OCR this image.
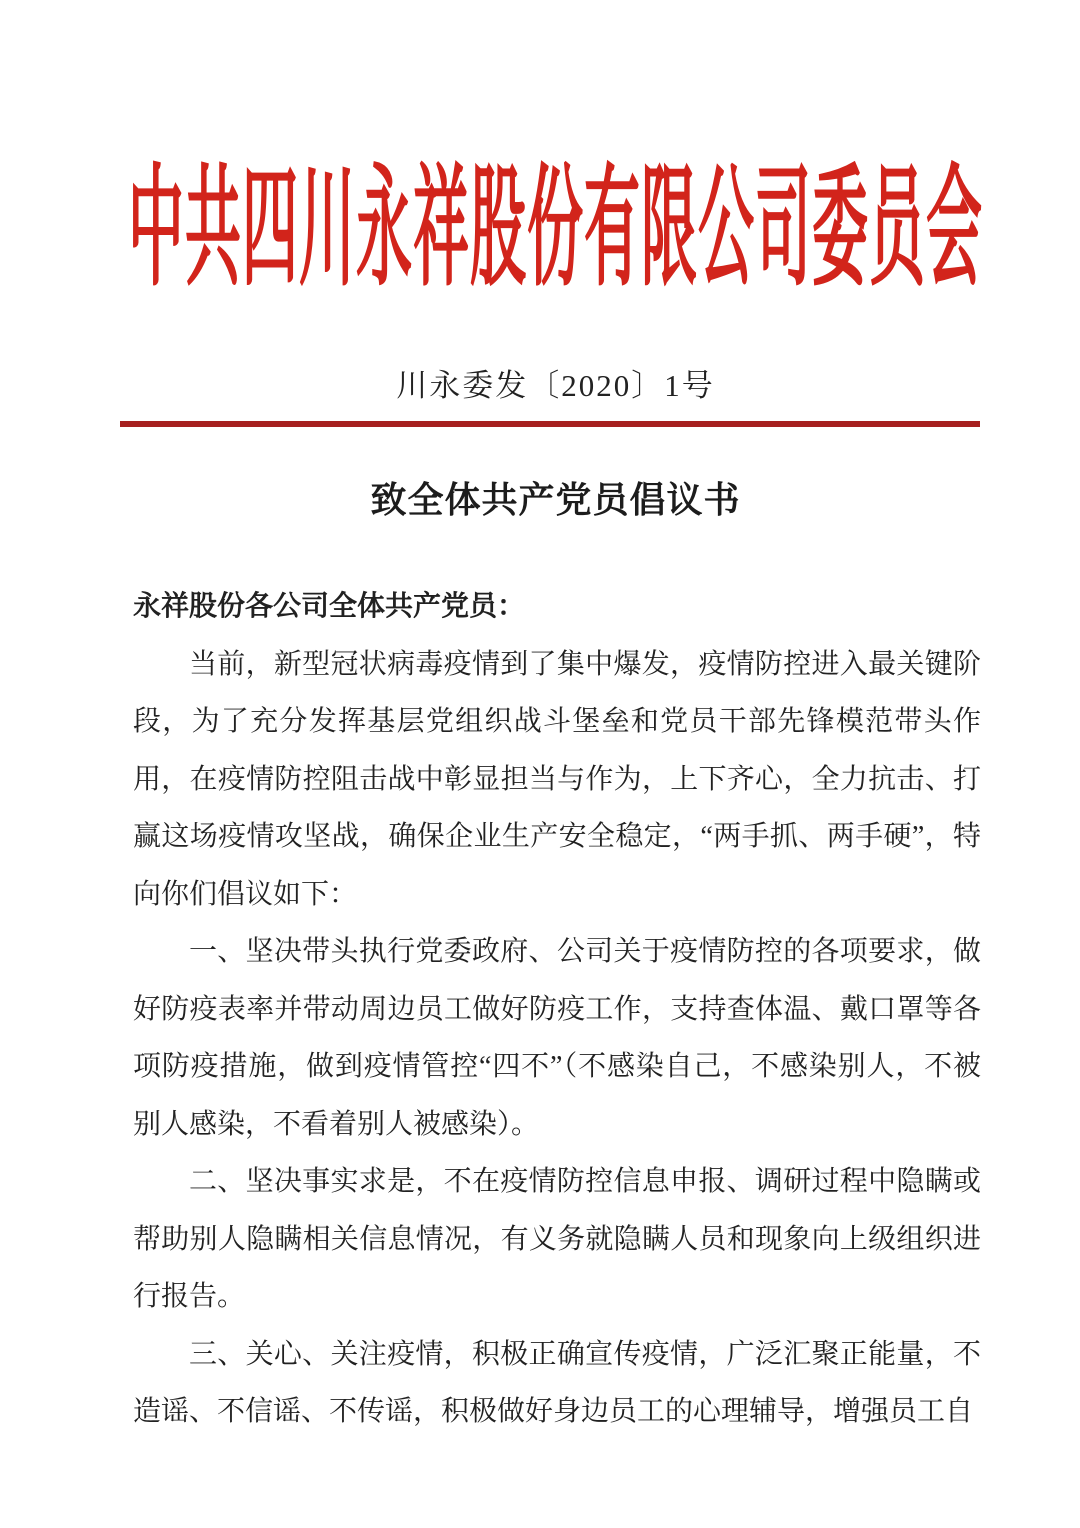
中共四川永祥股份有限公司委员会
川永委发〔2020〕1号
致全体共产党员倡议书

永祥股份各公司全体共产党员：

当前，新型冠状病毒疫情到了集中爆发，疫情防控进入最关键阶段，为了充分发挥基层党组织战斗堡垒和党员干部先锋模范带头作用，在疫情防控阻击战中彰显担当与作为，上下齐心，全力抗击、打赢这场疫情攻坚战，确保企业生产安全稳定，“两手抓、两手硬”，特向你们倡议如下：

一、坚决带头执行党委政府、公司关于疫情防控的各项要求，做好防疫表率并带动周边员工做好防疫工作，支持查体温、戴口罩等各项防疫措施，做到疫情管控“四不”（不感染自己，不感染别人，不被别人感染，不看着别人被感染）。

二、坚决事实求是，不在疫情防控信息申报、调研过程中隐瞒或帮助别人隐瞒相关信息情况，有义务就隐瞒人员和现象向上级组织进行报告。

三、关心、关注疫情，积极正确宣传疫情，广泛汇聚正能量，不造谣、不信谣、不传谣，积极做好身边员工的心理辅导，增强员工自
